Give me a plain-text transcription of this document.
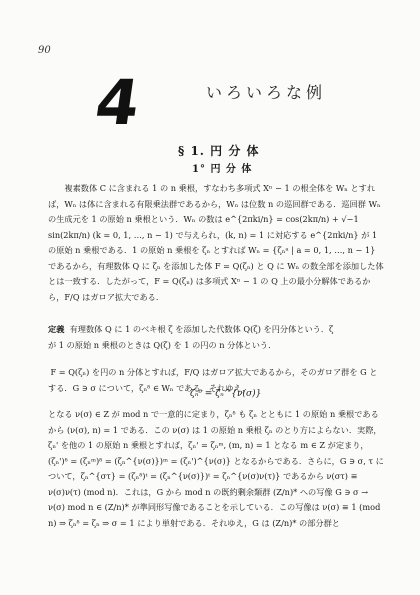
90
4	いろいろな例
§ 1. 円 分 体
1° 円 分 体

複素数体 C に含まれる 1 の n 乗根，すなわち多項式 Xⁿ − 1 の根全体を Wₙ とすれば，Wₙ は体に含まれる有限乗法群であるから，Wₙ は位数 n の巡回群である．巡回群 Wₙ の生成元を 1 の原始 n 乗根という．Wₙ の数は e^{2πki/n} = cos(2kπ/n) + √−1 sin(2kπ/n) (k = 0, 1, …, n − 1) で与えられ，(k, n) = 1 に対応する e^{2πki/n} が 1 の原始 n 乗根である．1 の原始 n 乗根を ζₙ とすれば Wₙ = {ζₙᵃ | a = 0, 1, …, n − 1} であるから，有理数体 Q に ζₙ を添加した体 F = Q(ζₙ) と Q に Wₙ の数全部を添加した体とは一致する．したがって，F = Q(ζₙ) は多項式 Xⁿ − 1 の Q 上の最小分解体であるから，F/Q はガロア拡大である．

定義 有理数体 Q に 1 のベキ根 ζ を添加した代数体 Q(ζ) を円分体という．ζ
が 1 の原始 n 乗根のときは Q(ζ) を 1 の円の n 分体という．

F = Q(ζₙ) を円の n 分体とすれば，F/Q はガロア拡大であるから，そのガロア群を G とする．G ∋ σ について，ζₙᵟ ∈ Wₙ である．それゆえ，

ζₙᵟ = ζₙ^{ν(σ)}

となる ν(σ) ∈ Z が mod n で一意的に定まり，ζₙᵟ も ζₙ とともに 1 の原始 n 乗根であるから (ν(σ), n) = 1 である．この ν(σ) は 1 の原始 n 乗根 ζₙ のとり方によらない．実際，ζₙ' を他の 1 の原始 n 乗根とすれば，ζₙ' = ζₙᵐ, (m, n) = 1 となる m ∈ Z が定まり，(ζₙ')ᵟ = (ζₙᵐ)ᵟ = (ζₙ^{ν(σ)})ᵐ = (ζₙ')^{ν(σ)} となるからである．さらに，G ∋ σ, τ について，ζₙ^{στ} = (ζₙᵟ)ᵗ = (ζₙ^{ν(σ)})ᵗ = ζₙ^{ν(σ)ν(τ)} であるから ν(στ) ≡ ν(σ)ν(τ) (mod n)．これは，G から mod n の既約剰余類群 (Z/n)* への写像 G ∋ σ → ν(σ) mod n ∈ (Z/n)* が準同形写像であることを示している．この写像は ν(σ) ≡ 1 (mod n) ⇒ ζₙᵟ = ζₙ ⇒ σ = 1 により単射である．それゆえ，G は (Z/n)* の部分群と
